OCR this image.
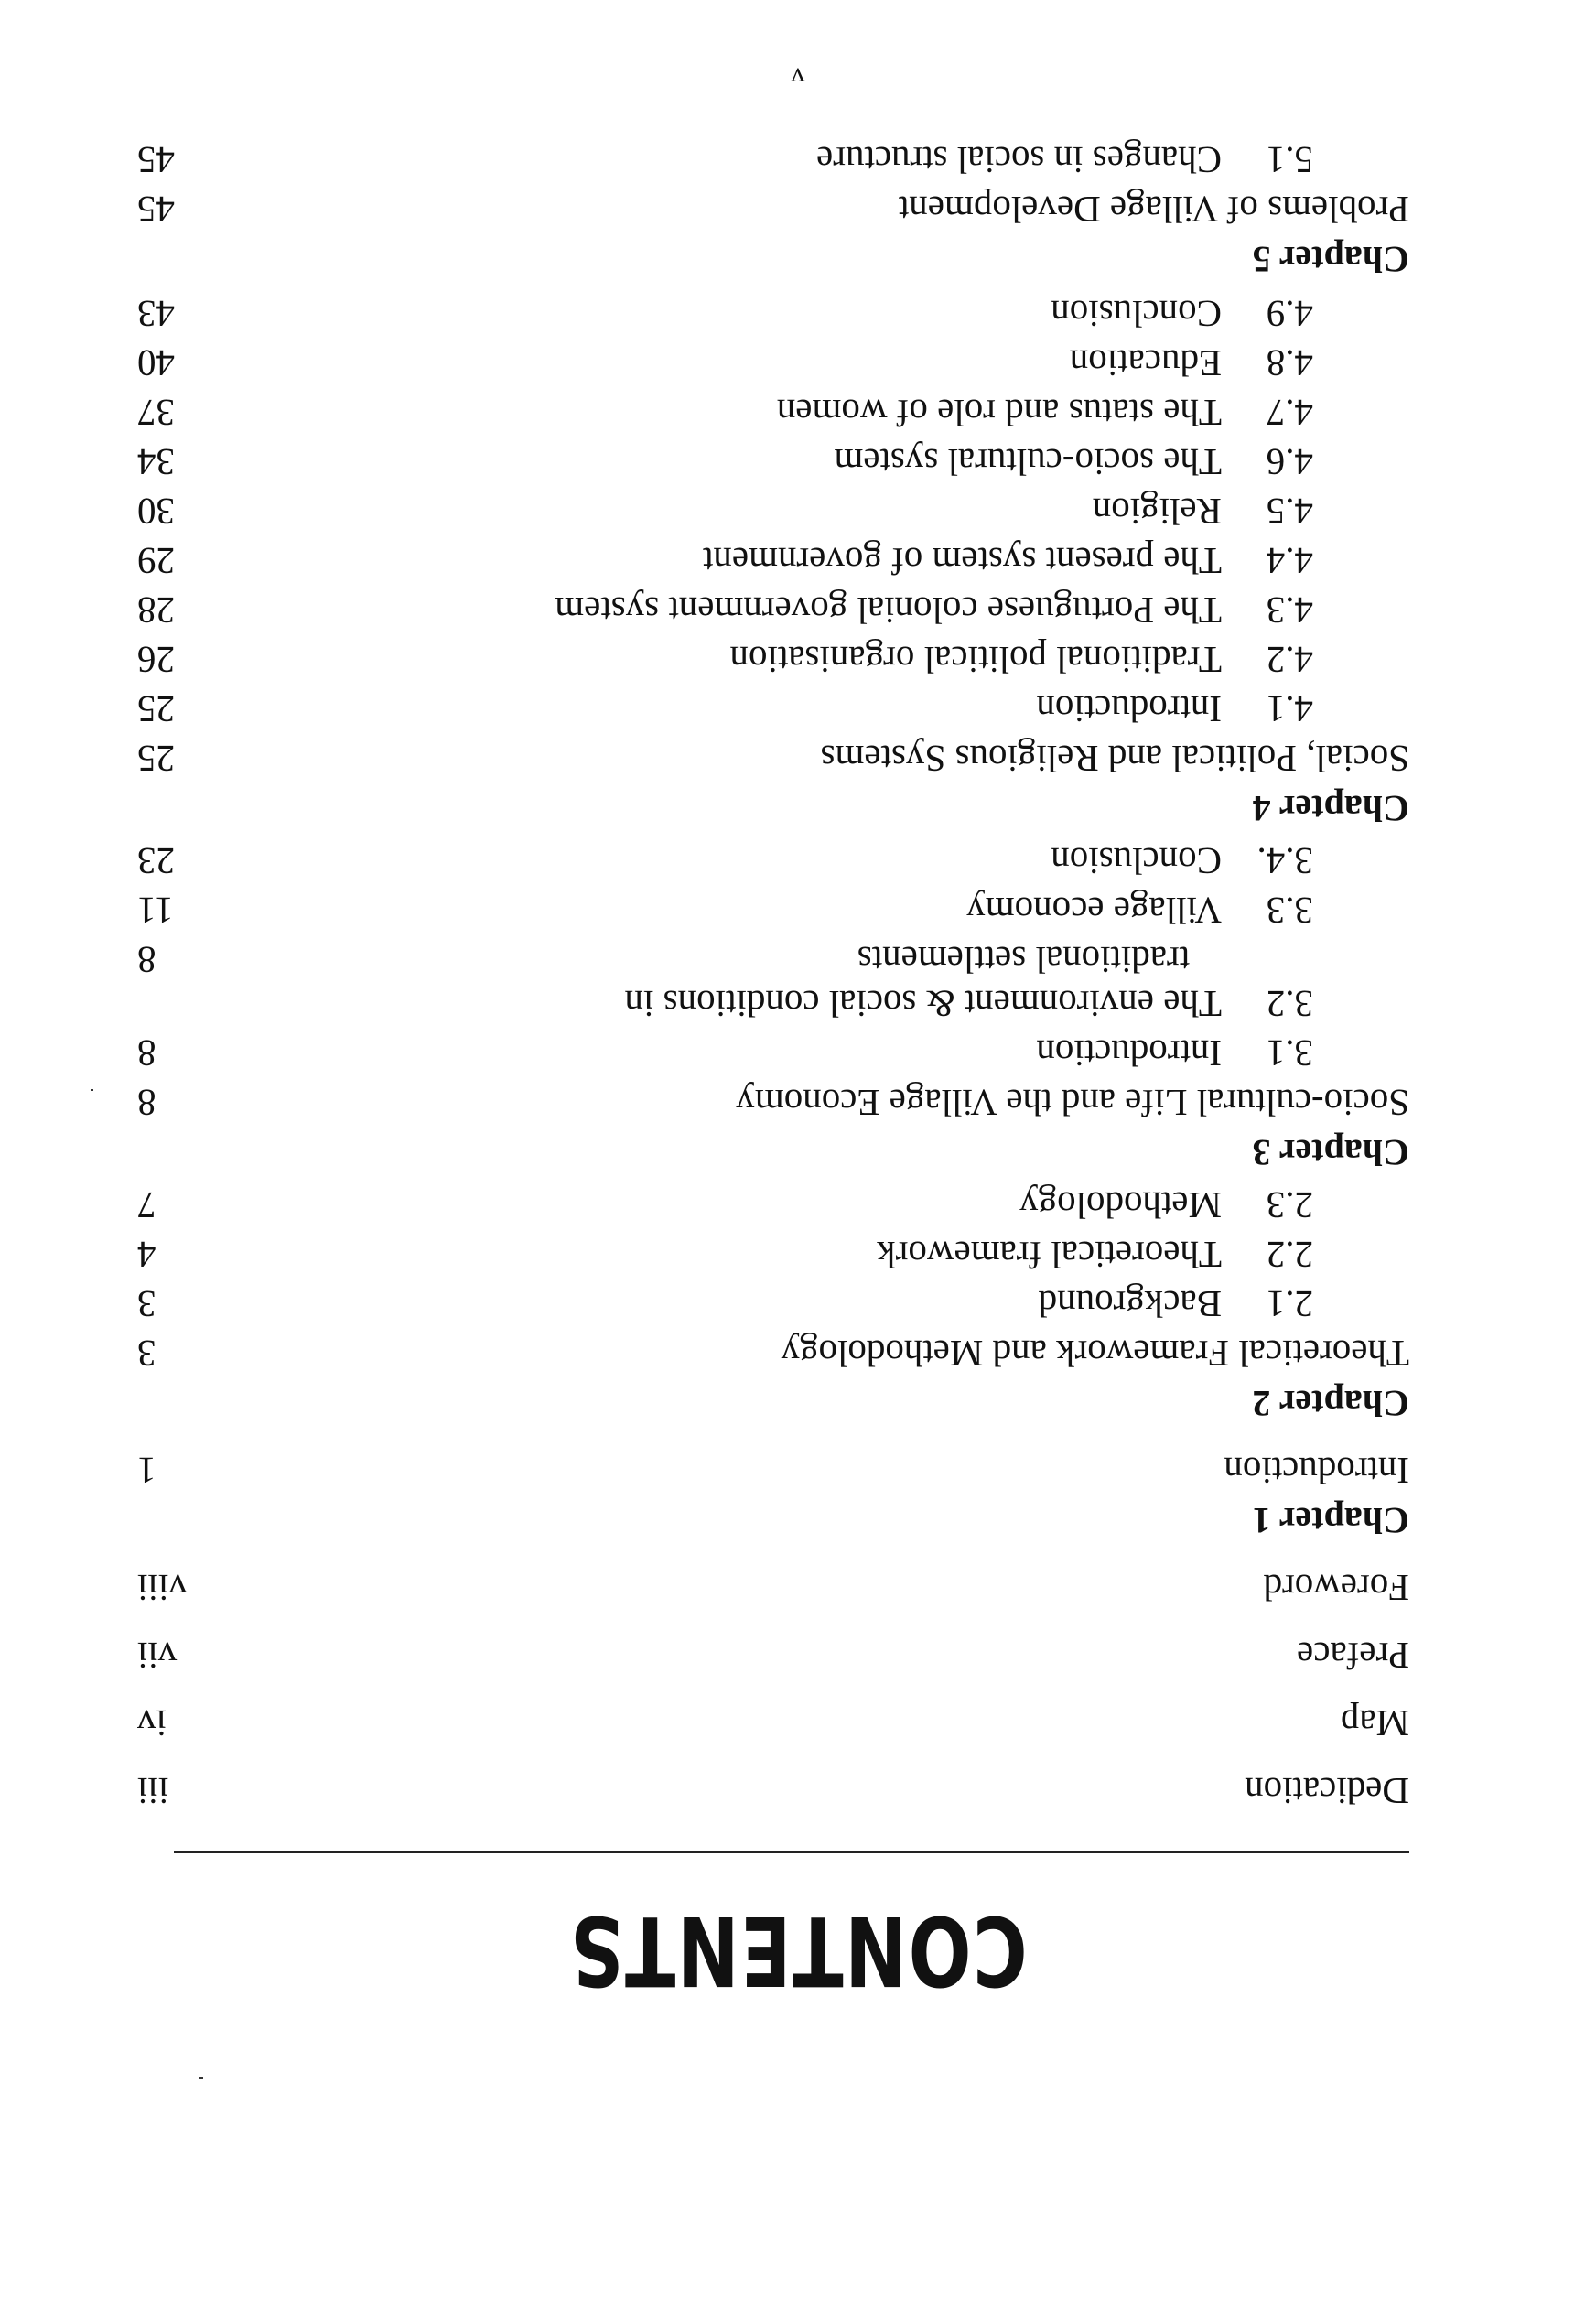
CONTENTS
Dedication
iii
Map
iv
Preface
vii
Foreword
viii
Chapter 1
Introduction
1
Chapter 2
Theoretical Framework and Methodology
3
2.1
Background
3
2.2
Theoretical framework
4
2.3
Methodology
7
Chapter 3
Socio-cultural Life and the Village Economy
8
3.1
Introduction
8
3.2
The environment & social conditions in
traditional settlements
8
3.3
Village economy
11
3.4.
Conclusion
23
Chapter 4
Social, Political and Religious Systems
25
4.1
Introduction
25
4.2
Traditional political organisation
26
4.3
The Portuguese colonial government system
28
4.4
The present system of government
29
4.5
Religion
30
4.6
The socio-cultural system
34
4.7
The status and role of women
37
4.8
Education
40
4.9
Conclusion
43
Chapter 5
Problems of Village Development
45
5.1
Changes in social structure
45
v
